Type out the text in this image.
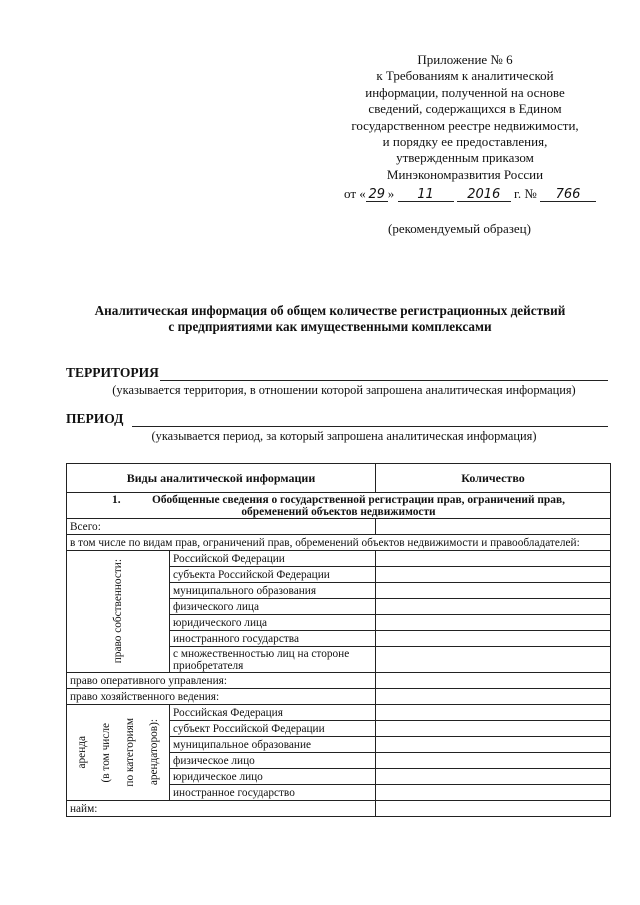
Приложение № 6
к Требованиям к аналитической
информации, полученной на основе
сведений, содержащихся в Едином
государственном реестре недвижимости,
и порядку ее предоставления,
утвержденным приказом
Минэкономразвития России
от « 29 » 11	2016 г. № 766
(рекомендуемый образец)
Аналитическая информация об общем количестве регистрационных действий
с предприятиями как имущественными комплексами
ТЕРРИТОРИЯ
(указывается территория, в отношении которой запрошена аналитическая информация)
ПЕРИОД
(указывается период, за который запрошена аналитическая информация)
Виды аналитической информации		Количество

1. Обобщенные сведения о государственной регистрации прав, ограничений прав,
обременений объектов недвижимости		

Всего:		
в том числе по видам прав, ограничений прав, обременений объектов недвижимости и правообладателей:		

право собственности:	Российской Федерации	
	субъекта Российской Федерации	
	муниципального образования	
	физического лица	
	юридического лица	
	иностранного государства	
	с множественностью лиц на стороне приобретателя	
право оперативного управления:		
право хозяйственного ведения:		

аренда (в том числе по категориям арендаторов):	Российская Федерация	
	субъект Российской Федерации	
	муниципальное образование	
	физическое лицо	
	юридическое лицо	
	иностранное государство	
найм:		
